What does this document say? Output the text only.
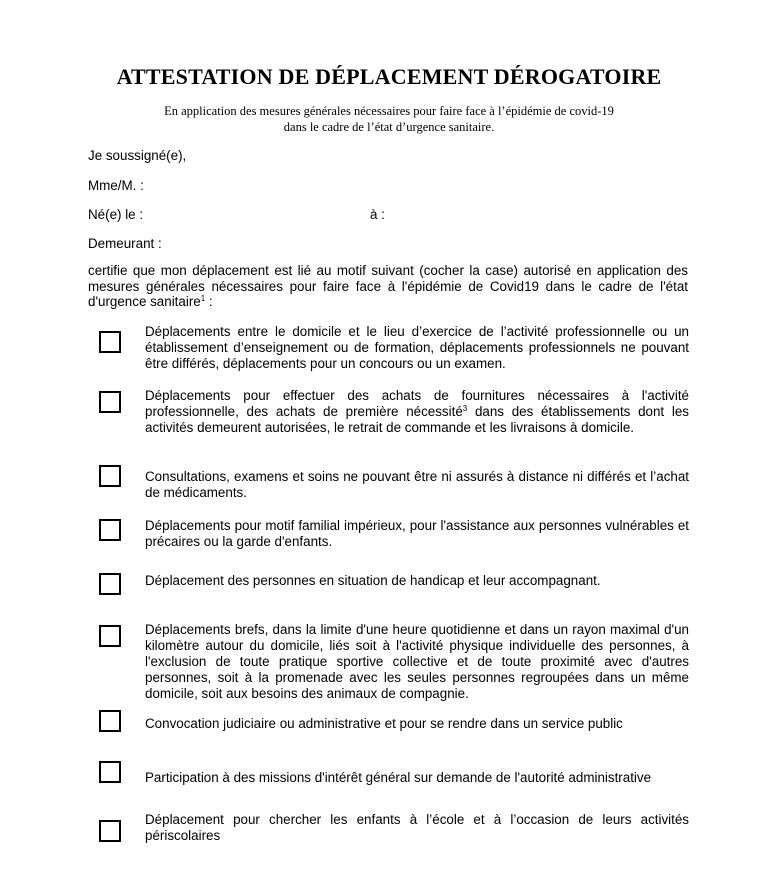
ATTESTATION DE DÉPLACEMENT DÉROGATOIRE
En application des mesures générales nécessaires pour faire face à l’épidémie de covid-19
dans le cadre de l’état d’urgence sanitaire.
Je soussigné(e),
Mme/M. :
Né(e) le :	à :
Demeurant :
certifie que mon déplacement est lié au motif suivant (cocher la case) autorisé en application des mesures générales nécessaires pour faire face à l'épidémie de Covid19 dans le cadre de l'état d'urgence sanitaire$^1$ :
Déplacements entre le domicile et le lieu d’exercice de l’activité professionnelle ou un établissement d’enseignement ou de formation, déplacements professionnels ne pouvant être différés, déplacements pour un concours ou un examen.
Déplacements pour effectuer des achats de fournitures nécessaires à l'activité professionnelle, des achats de première nécessité$^3$ dans des établissements dont les activités demeurent autorisées, le retrait de commande et les livraisons à domicile.
Consultations, examens et soins ne pouvant être ni assurés à distance ni différés et l’achat de médicaments.
Déplacements pour motif familial impérieux, pour l'assistance aux personnes vulnérables et précaires ou la garde d'enfants.
Déplacement des personnes en situation de handicap et leur accompagnant.
Déplacements brefs, dans la limite d'une heure quotidienne et dans un rayon maximal d'un kilomètre autour du domicile, liés soit à l'activité physique individuelle des personnes, à l'exclusion de toute pratique sportive collective et de toute proximité avec d'autres personnes, soit à la promenade avec les seules personnes regroupées dans un même domicile, soit aux besoins des animaux de compagnie.
Convocation judiciaire ou administrative et pour se rendre dans un service public
Participation à des missions d'intérêt général sur demande de l'autorité administrative
Déplacement pour chercher les enfants à l’école et à l’occasion de leurs activités périscolaires
